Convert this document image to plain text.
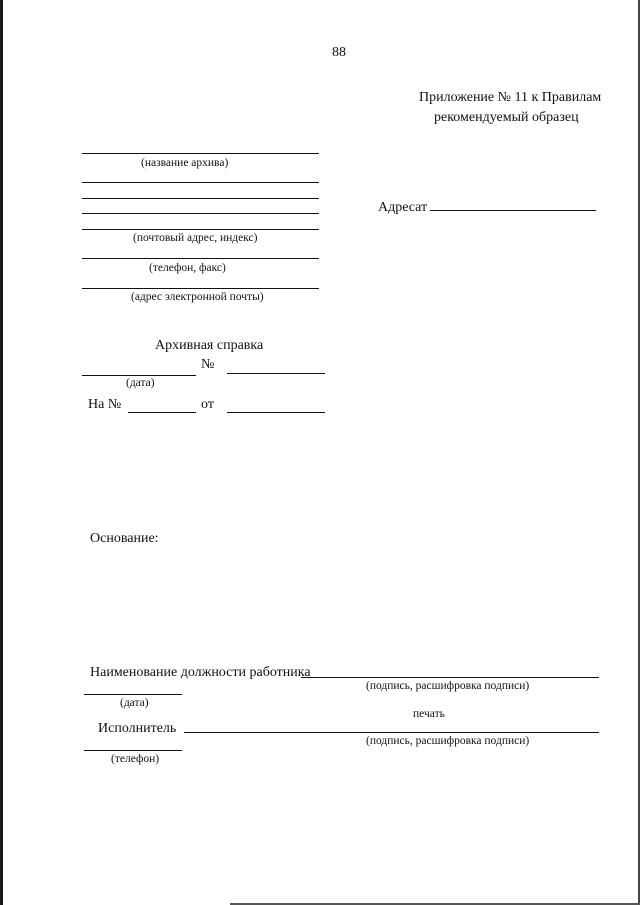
88
Приложение № 11 к Правилам
рекомендуемый образец
(название архива)
(почтовый адрес, индекс)
(телефон, факс)
(адрес электронной почты)
Адресат
Архивная справка
№
(дата)
На №	от
Основание:
Наименование должности работника
(подпись, расшифровка подписи)
(дата)
печать
Исполнитель
(подпись, расшифровка подписи)
(телефон)
